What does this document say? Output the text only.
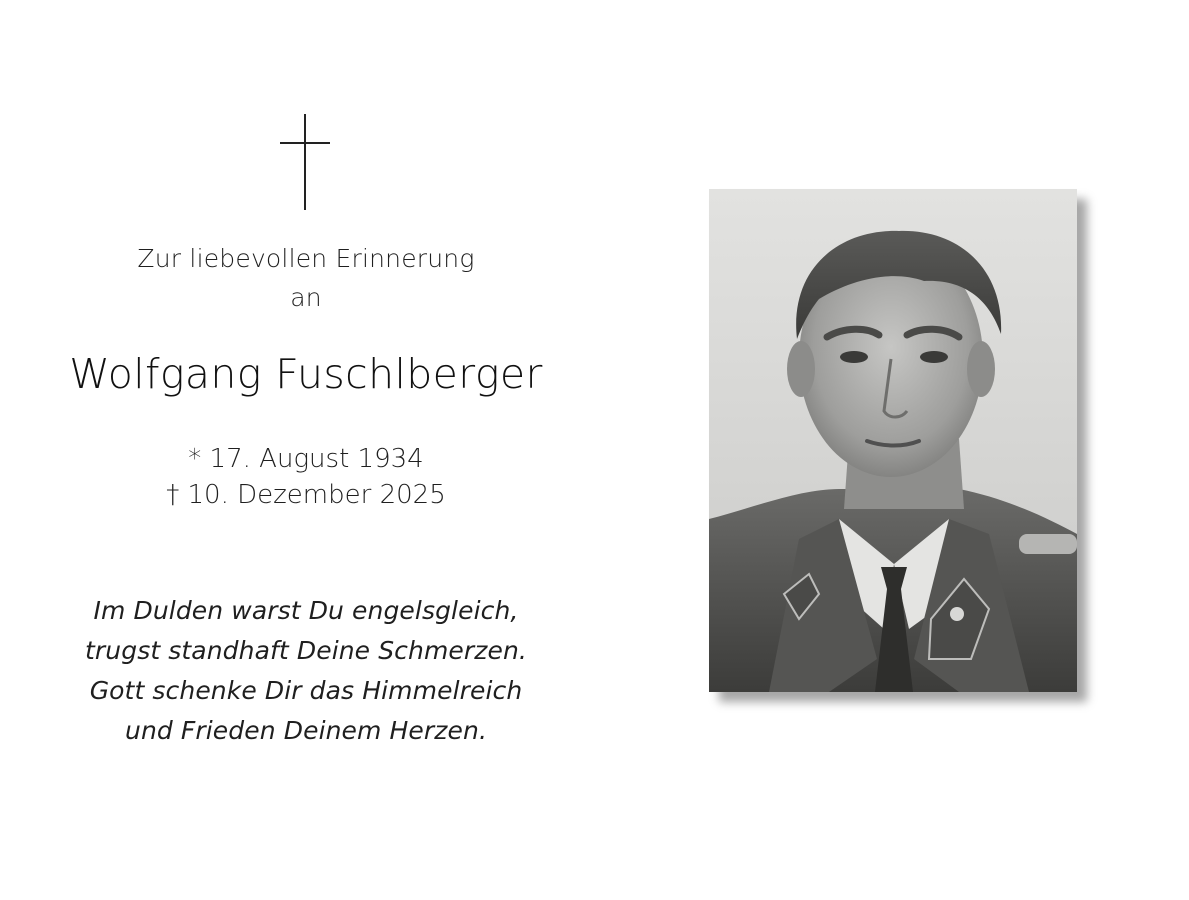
Zur liebevollen Erinnerung
an
Wolfgang Fuschlberger
* 17. August 1934
† 10. Dezember 2025
Im Dulden warst Du engelsgleich,
trugst standhaft Deine Schmerzen.
Gott schenke Dir das Himmelreich
und Frieden Deinem Herzen.
